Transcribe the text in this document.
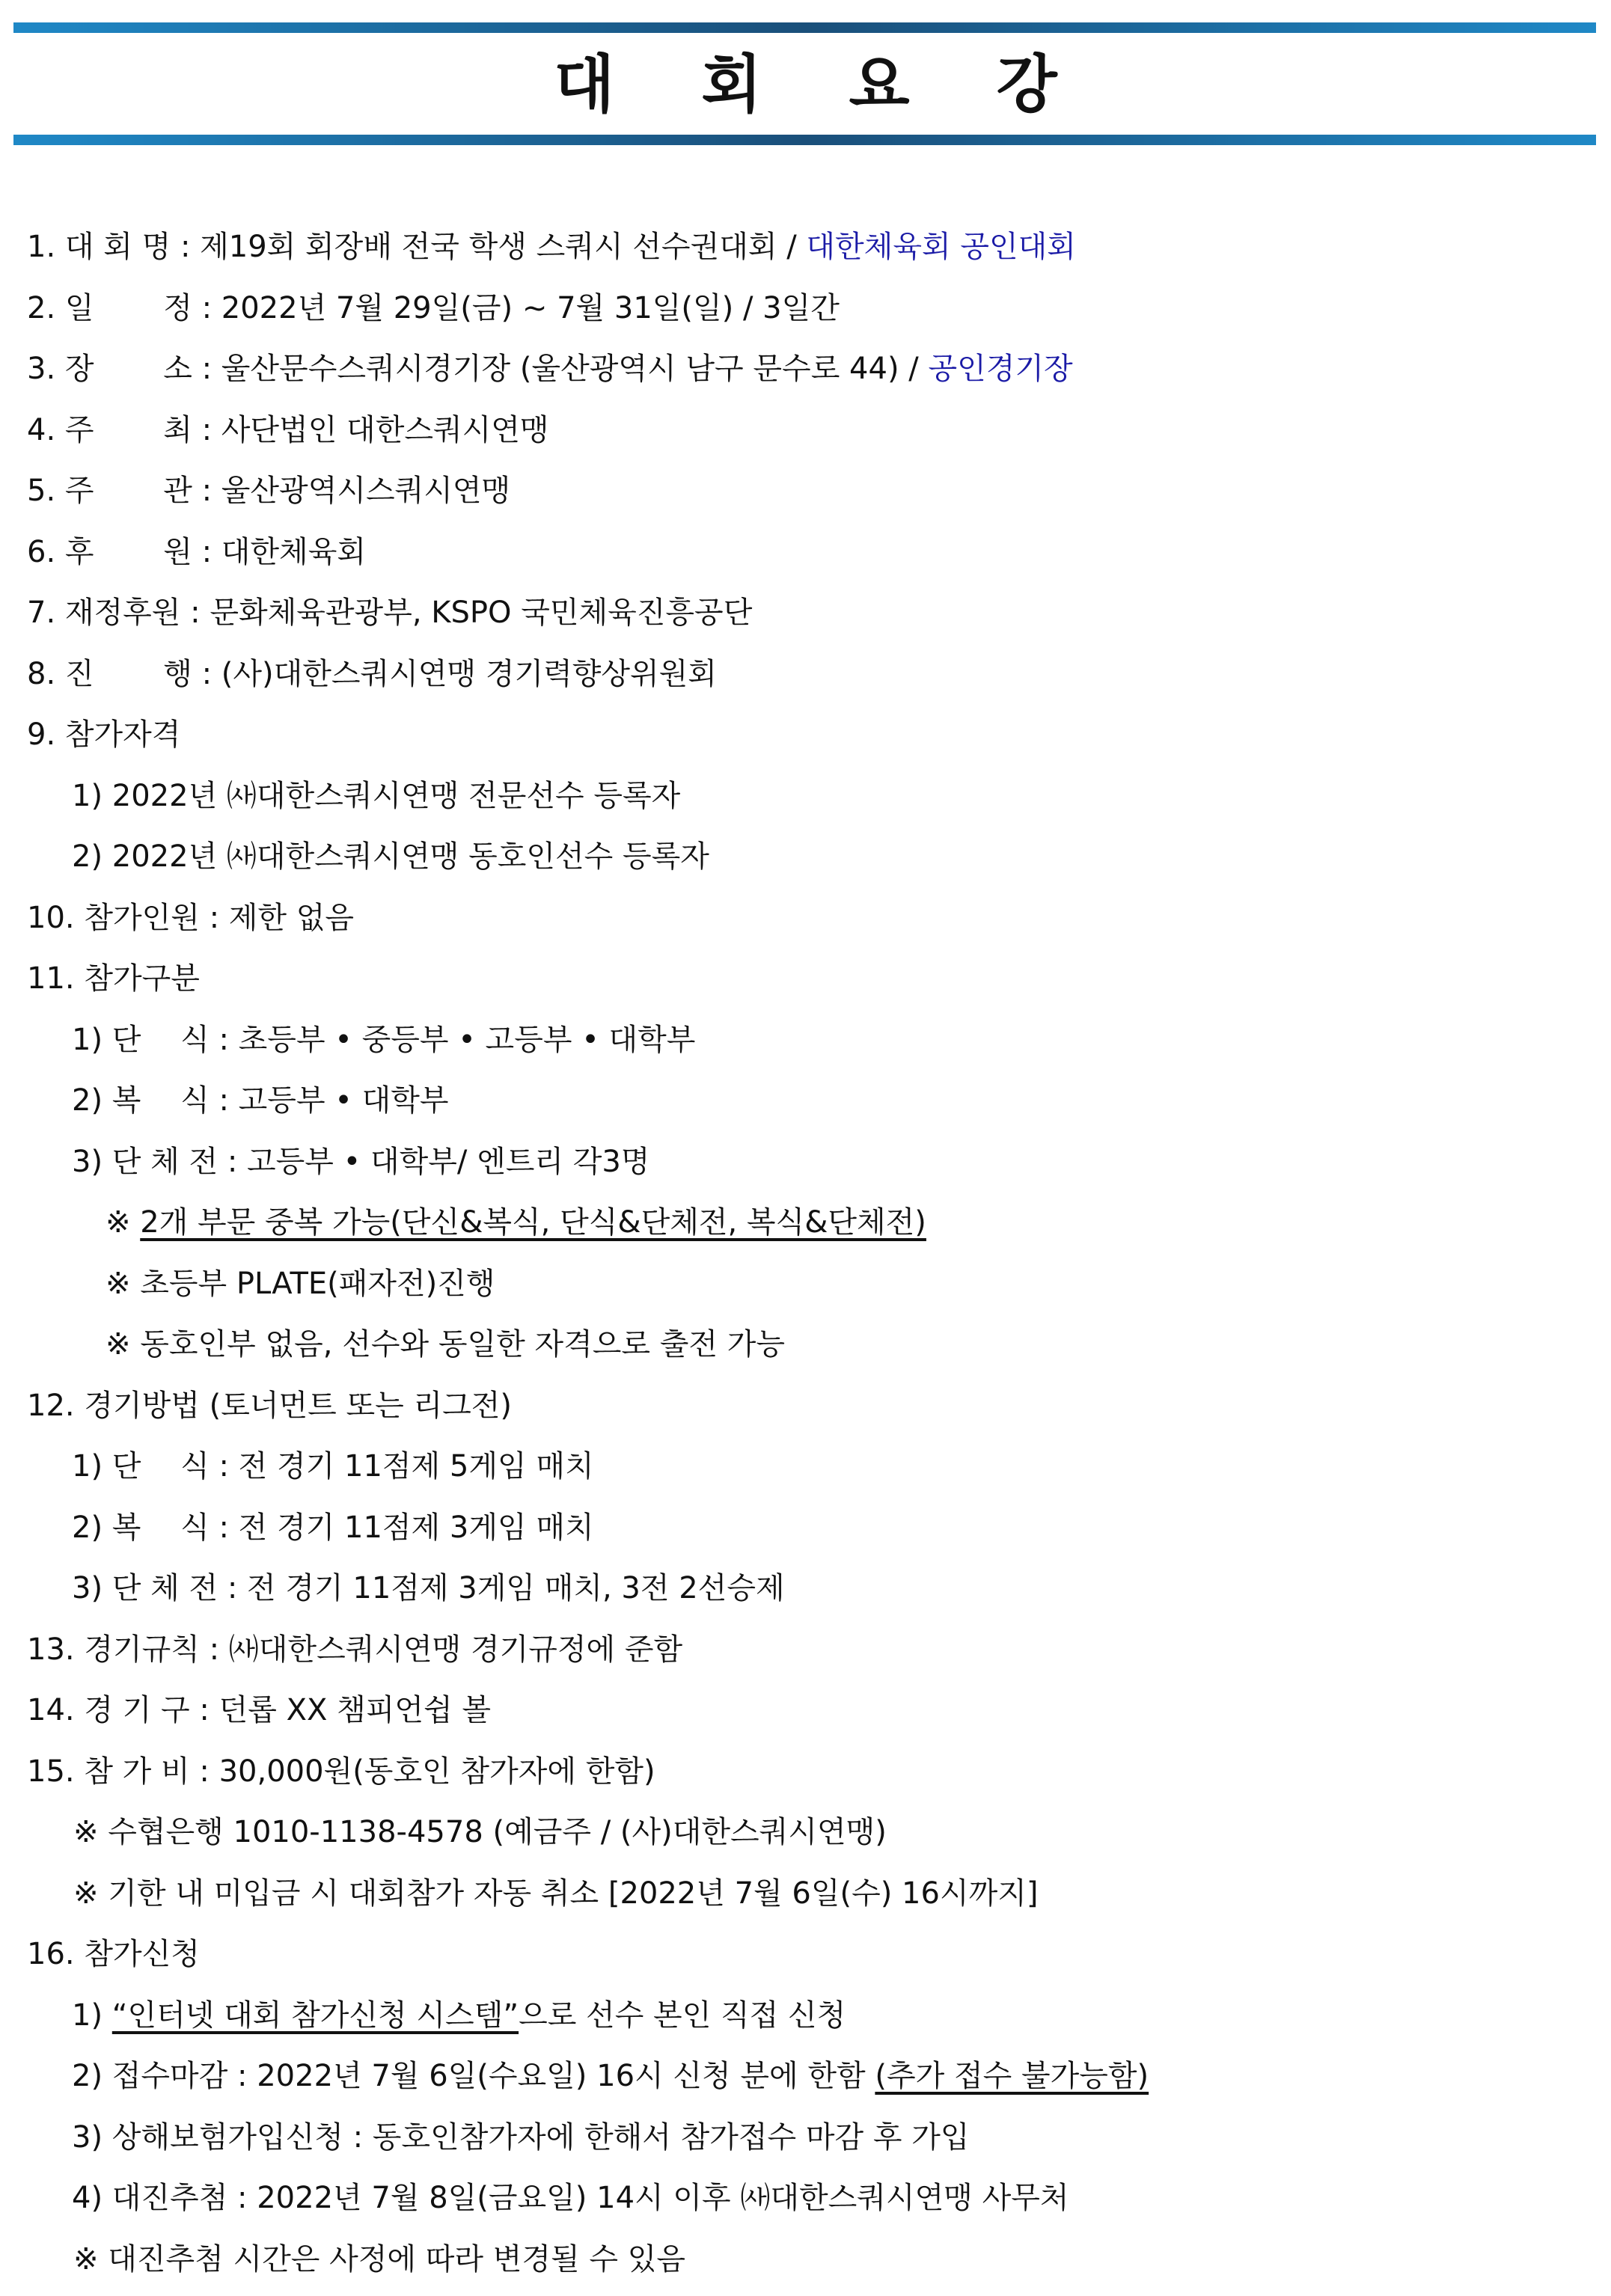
대 회 요 강
1. 대 회 명 : 제19회 회장배 전국 학생 스쿼시 선수권대회 / 대한체육회 공인대회
2. 일　　 정 : 2022년 7월 29일(금) ~ 7월 31일(일) / 3일간
3. 장　　 소 : 울산문수스쿼시경기장 (울산광역시 남구 문수로 44) / 공인경기장
4. 주　　 최 : 사단법인 대한스쿼시연맹
5. 주　　 관 : 울산광역시스쿼시연맹
6. 후　　 원 : 대한체육회
7. 재정후원 : 문화체육관광부, KSPO 국민체육진흥공단
8. 진　　 행 : (사)대한스쿼시연맹 경기력향상위원회
9. 참가자격
1) 2022년 ㈔대한스쿼시연맹 전문선수 등록자
2) 2022년 ㈔대한스쿼시연맹 동호인선수 등록자
10. 참가인원 : 제한 없음
11. 참가구분
1) 단　 식 : 초등부 • 중등부 • 고등부 • 대학부
2) 복　 식 : 고등부 • 대학부
3) 단 체 전 : 고등부 • 대학부/ 엔트리 각3명
※ 2개 부문 중복 가능(단신&복식, 단식&단체전, 복식&단체전)
※ 초등부 PLATE(패자전)진행
※ 동호인부 없음, 선수와 동일한 자격으로 출전 가능
12. 경기방법 (토너먼트 또는 리그전)
1) 단　 식 : 전 경기 11점제 5게임 매치
2) 복　 식 : 전 경기 11점제 3게임 매치
3) 단 체 전 : 전 경기 11점제 3게임 매치, 3전 2선승제
13. 경기규칙 : ㈔대한스쿼시연맹 경기규정에 준함
14. 경 기 구 : 던롭 XX 챔피언쉽 볼
15. 참 가 비 : 30,000원(동호인 참가자에 한함)
※ 수협은행 1010-1138-4578 (예금주 / (사)대한스쿼시연맹)
※ 기한 내 미입금 시 대회참가 자동 취소 [2022년 7월 6일(수) 16시까지]
16. 참가신청
1) “인터넷 대회 참가신청 시스템”으로 선수 본인 직접 신청
2) 접수마감 : 2022년 7월 6일(수요일) 16시 신청 분에 한함 (추가 접수 불가능함)
3) 상해보험가입신청 : 동호인참가자에 한해서 참가접수 마감 후 가입
4) 대진추첨 : 2022년 7월 8일(금요일) 14시 이후 ㈔대한스쿼시연맹 사무처
※ 대진추첨 시간은 사정에 따라 변경될 수 있음
